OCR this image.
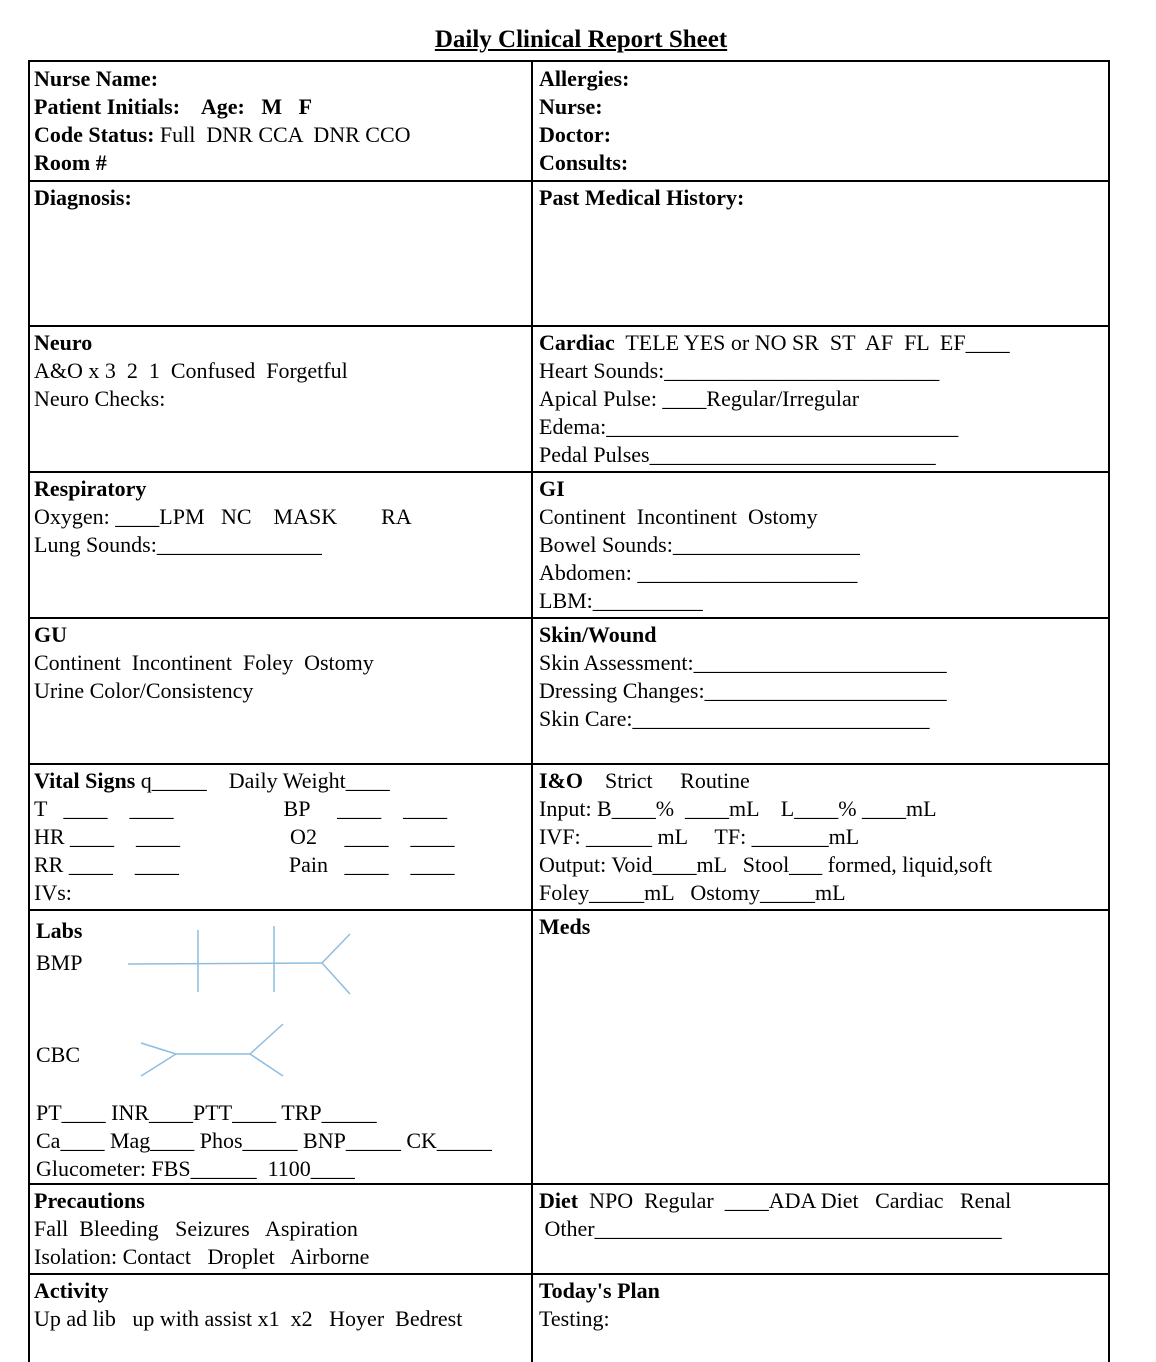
Daily Clinical Report Sheet
Nurse Name:
Patient Initials:    Age:   M   F
Code Status: Full  DNR CCA  DNR CCO
Room #
Allergies:
Nurse:
Doctor:
Consults:
Diagnosis:	Past Medical History:
Neuro
A&O x 3  2  1  Confused  Forgetful
Neuro Checks:
Cardiac  TELE YES or NO SR  ST  AF  FL  EF____
Heart Sounds:_________________________
Apical Pulse: ____Regular/Irregular
Edema:________________________________
Pedal Pulses__________________________
Respiratory
Oxygen: ____LPM   NC    MASK        RA
Lung Sounds:_______________
GI
Continent  Incontinent  Ostomy
Bowel Sounds:_________________
Abdomen: ____________________
LBM:__________
GU
Continent  Incontinent  Foley  Ostomy
Urine Color/Consistency
Skin/Wound
Skin Assessment:_______________________
Dressing Changes:______________________
Skin Care:___________________________
Vital Signs q_____    Daily Weight____
T   ____    ____                    BP     ____    ____
HR ____    ____                    O2     ____    ____
RR ____    ____                    Pain   ____    ____
IVs:
I&O    Strict     Routine
Input: B____%  ____mL    L____% ____mL
IVF: ______ mL     TF: _______mL
Output: Void____mL   Stool___ formed, liquid,soft
Foley_____mL   Ostomy_____mL
Labs
BMP
CBC
PT____ INR____PTT____ TRP_____
Ca____ Mag____ Phos_____ BNP_____ CK_____
Glucometer: FBS______  1100____
Meds
Precautions
Fall  Bleeding   Seizures   Aspiration
Isolation: Contact   Droplet   Airborne
Diet  NPO  Regular  ____ADA Diet   Cardiac   Renal
Other_____________________________________
Activity
Up ad lib   up with assist x1  x2   Hoyer  Bedrest
Today's Plan
Testing:
